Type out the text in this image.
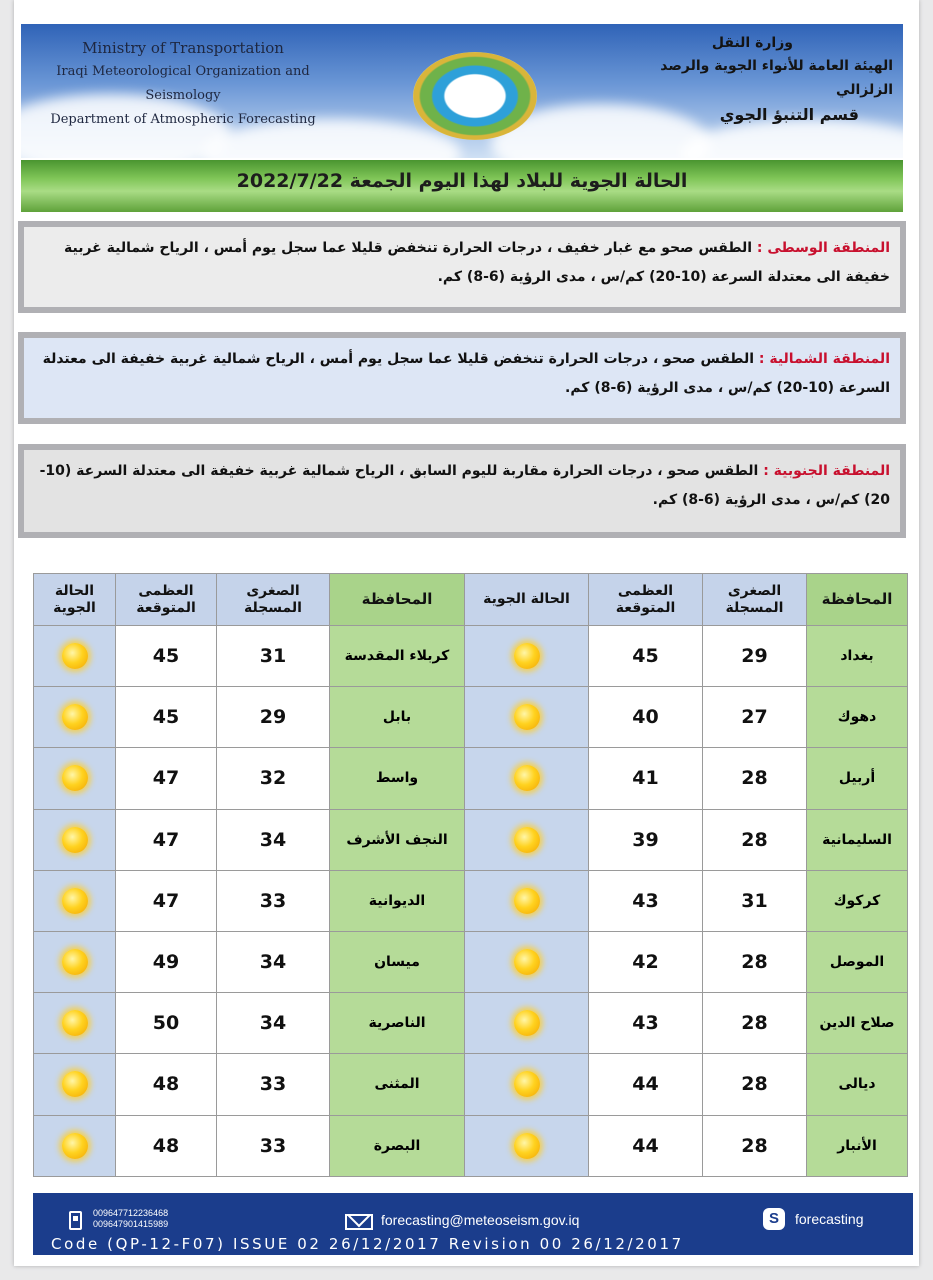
Ministry of Transportation
Iraqi Meteorological Organization and Seismology
Department of Atmospheric Forecasting
وزارة النقل
الهيئة العامة للأنواء الجوية والرصد الزلزالي
قسم التنبؤ الجوي
الحالة الجوية للبلاد لهذا اليوم الجمعة 2022/7/22
المنطقة الوسطى : الطقس صحو مع غبار خفيف ، درجات الحرارة تنخفض قليلا عما سجل يوم أمس ، الرياح شمالية غربية خفيفة الى معتدلة السرعة (10-20) كم/س ، مدى الرؤية (6-8) كم.
المنطقة الشمالية : الطقس صحو ، درجات الحرارة تنخفض قليلا عما سجل يوم أمس ، الرياح شمالية غربية خفيفة الى معتدلة السرعة (10-20) كم/س ، مدى الرؤية (6-8) كم.
المنطقة الجنوبية : الطقس صحو ، درجات الحرارة مقاربة لليوم السابق ، الرياح شمالية غربية خفيفة الى معتدلة السرعة (10-20) كم/س ، مدى الرؤية (6-8) كم.
المحافظة	الصغرى المسجلة	العظمى المتوقعة	الحالة الجوية	المحافظة	الصغرى المسجلة	العظمى المتوقعة	الحالة الجوية
بغداد	29	45		كربلاء المقدسة	31	45	
دهوك	27	40		بابل	29	45	
أربيل	28	41		واسط	32	47	
السليمانية	28	39		النجف الأشرف	34	47	
كركوك	31	43		الديوانية	33	47	
الموصل	28	42		ميسان	34	49	
صلاح الدين	28	43		الناصرية	34	50	
ديالى	28	44		المثنى	33	48	
الأنبار	28	44		البصرة	33	48	
009647712236468
009647901415989	forecasting@meteoseism.gov.iq	S	forecasting
Code (QP-12-F07) ISSUE 02 26/12/2017 Revision 00 26/12/2017
